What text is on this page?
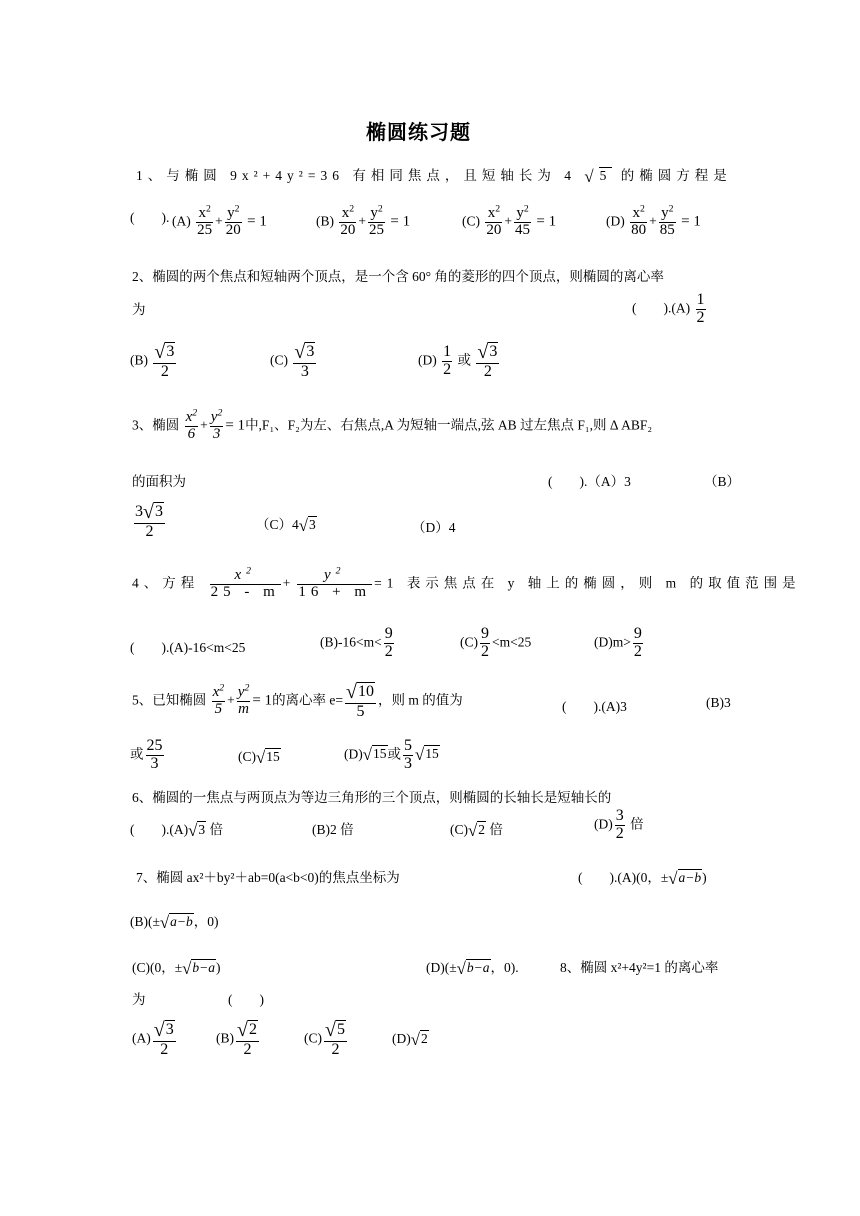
椭圆练习题
1、与椭圆 9x²+4y²=36 有相同焦点，且短轴长为 4 √5 的椭圆方程是
(　　). $(A) \frac{x^2}{25} + \frac{y^2}{20} = 1$	$(B) \frac{x^2}{20} + \frac{y^2}{25} = 1$	$(C) \frac{x^2}{20} + \frac{y^2}{45} = 1$	$(D) \frac{x^2}{80} + \frac{y^2}{85} = 1$
2、椭圆的两个焦点和短轴两个顶点，是一个含 60° 角的菱形的四个顶点，则椭圆的离心率
为	(　　)$.(A) \frac{1}{2}$
$(B) \frac{√3}{2}$	$(C) \frac{√3}{3}$	$(D) \frac{1}{2}$ 或 $\frac{√3}{2}$
3、椭圆 $\frac{x^2}{6} + \frac{y^2}{3} = 1$中,F₁、F₂为左、右焦点,A 为短轴一端点,弦 AB 过左焦点 F₁,则 Δ ABF₂
的面积为	(　　).（A）3	（B）
$\frac{3√3}{2}$	（C）4√3	（D）4
4、方程 $\frac{x^2}{25 - m} + \frac{y^2}{16 + m} =1$ 表示焦点在 y 轴上的椭圆，则 m 的取值范围是
(　　).(A)-16<m<25	$(B)-16<m< \frac{9}{2}$	$(C) \frac{9}{2} <m<25$	$(D)m> \frac{9}{2}$
5、已知椭圆 $\frac{x^2}{5} + \frac{y^2}{m} = 1$的离心率 $e= \frac{√10}{5}$ ，则 m 的值为	(　　).(A)3	(B)3
或 $\frac{25}{3}$	(C)√15	(D)√15或 $\frac{5}{3} √15$
6、椭圆的一焦点与两顶点为等边三角形的三个顶点，则椭圆的长轴长是短轴长的
(　　).(A)√3 倍	(B)2 倍	(C)√2 倍	$(D) \frac{3}{2}$ 倍
7、椭圆 ax²＋by²＋ab=0(a<b<0)的焦点坐标为	(　　).(A)(0，±√a−b)
(B)(±√a−b，0)
(C)(0，±√b−a)	(D)(±√b−a，0).	8、椭圆 x²+4y²=1 的离心率
为	(　　)
$(A) \frac{√3}{2}$	$(B) \frac{√2}{2}$	$(C) \frac{√5}{2}$	(D)√2
